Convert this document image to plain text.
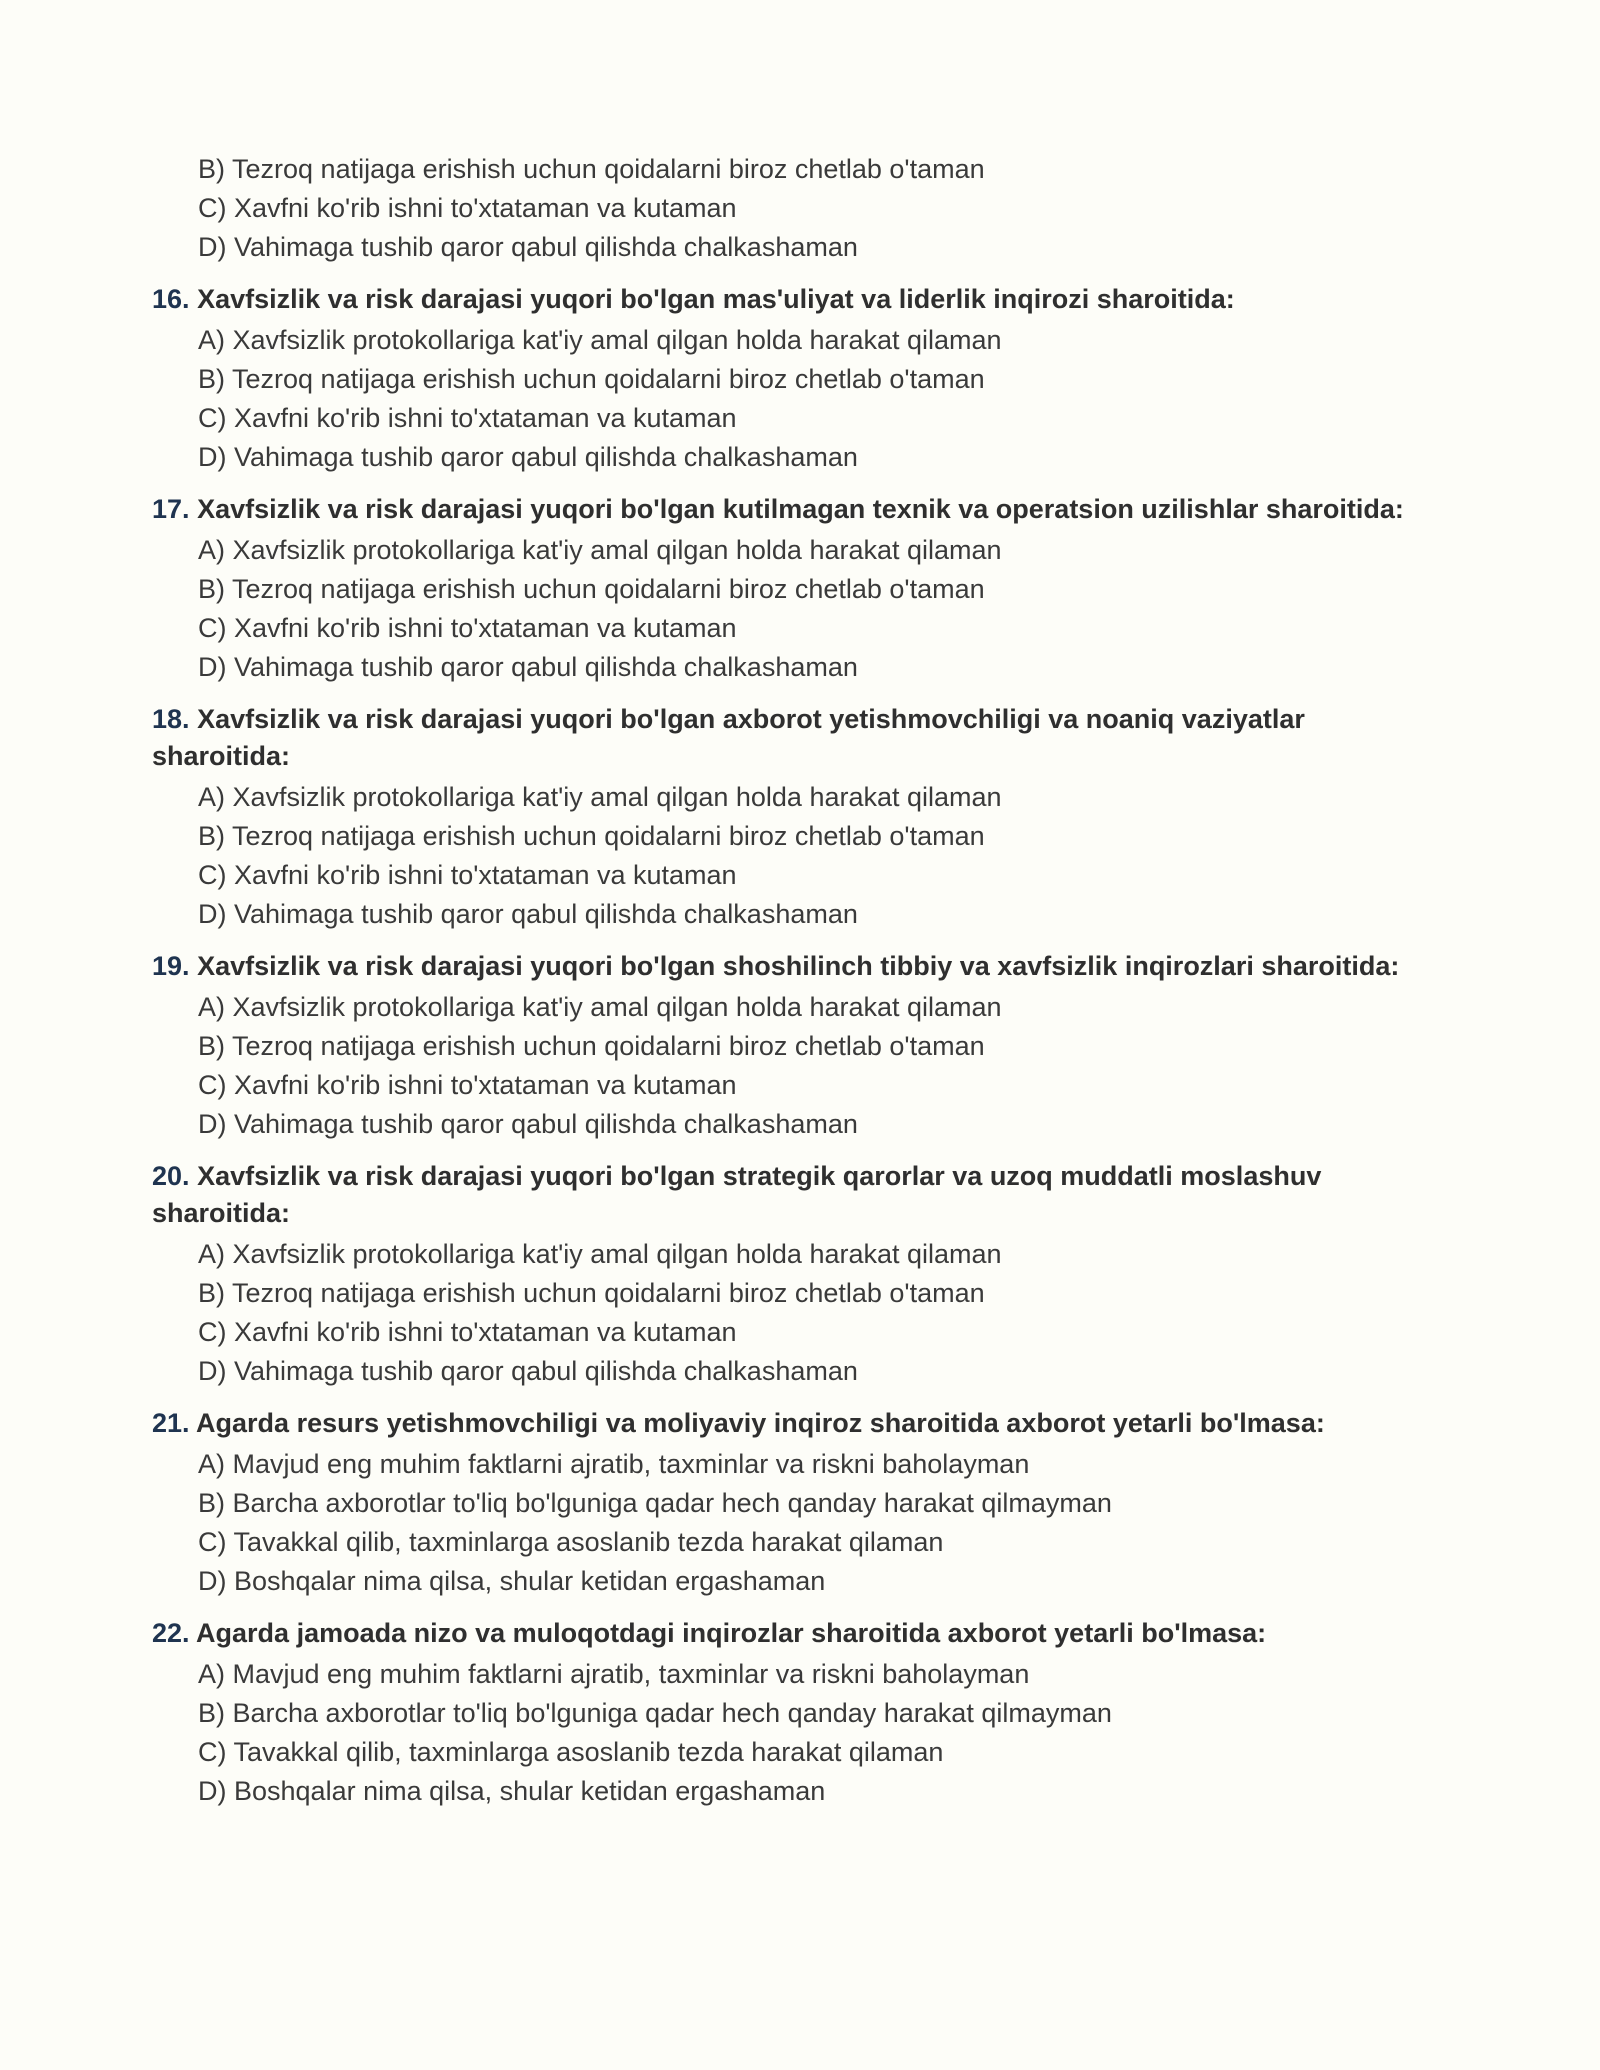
B) Tezroq natijaga erishish uchun qoidalarni biroz chetlab o'taman
C) Xavfni ko'rib ishni to'xtataman va kutaman
D) Vahimaga tushib qaror qabul qilishda chalkashaman
16. Xavfsizlik va risk darajasi yuqori bo'lgan mas'uliyat va liderlik inqirozi sharoitida:
A) Xavfsizlik protokollariga kat'iy amal qilgan holda harakat qilaman
B) Tezroq natijaga erishish uchun qoidalarni biroz chetlab o'taman
C) Xavfni ko'rib ishni to'xtataman va kutaman
D) Vahimaga tushib qaror qabul qilishda chalkashaman
17. Xavfsizlik va risk darajasi yuqori bo'lgan kutilmagan texnik va operatsion uzilishlar sharoitida:
A) Xavfsizlik protokollariga kat'iy amal qilgan holda harakat qilaman
B) Tezroq natijaga erishish uchun qoidalarni biroz chetlab o'taman
C) Xavfni ko'rib ishni to'xtataman va kutaman
D) Vahimaga tushib qaror qabul qilishda chalkashaman
18. Xavfsizlik va risk darajasi yuqori bo'lgan axborot yetishmovchiligi va noaniq vaziyatlar sharoitida:
A) Xavfsizlik protokollariga kat'iy amal qilgan holda harakat qilaman
B) Tezroq natijaga erishish uchun qoidalarni biroz chetlab o'taman
C) Xavfni ko'rib ishni to'xtataman va kutaman
D) Vahimaga tushib qaror qabul qilishda chalkashaman
19. Xavfsizlik va risk darajasi yuqori bo'lgan shoshilinch tibbiy va xavfsizlik inqirozlari sharoitida:
A) Xavfsizlik protokollariga kat'iy amal qilgan holda harakat qilaman
B) Tezroq natijaga erishish uchun qoidalarni biroz chetlab o'taman
C) Xavfni ko'rib ishni to'xtataman va kutaman
D) Vahimaga tushib qaror qabul qilishda chalkashaman
20. Xavfsizlik va risk darajasi yuqori bo'lgan strategik qarorlar va uzoq muddatli moslashuv sharoitida:
A) Xavfsizlik protokollariga kat'iy amal qilgan holda harakat qilaman
B) Tezroq natijaga erishish uchun qoidalarni biroz chetlab o'taman
C) Xavfni ko'rib ishni to'xtataman va kutaman
D) Vahimaga tushib qaror qabul qilishda chalkashaman
21. Agarda resurs yetishmovchiligi va moliyaviy inqiroz sharoitida axborot yetarli bo'lmasa:
A) Mavjud eng muhim faktlarni ajratib, taxminlar va riskni baholayman
B) Barcha axborotlar to'liq bo'lguniga qadar hech qanday harakat qilmayman
C) Tavakkal qilib, taxminlarga asoslanib tezda harakat qilaman
D) Boshqalar nima qilsa, shular ketidan ergashaman
22. Agarda jamoada nizo va muloqotdagi inqirozlar sharoitida axborot yetarli bo'lmasa:
A) Mavjud eng muhim faktlarni ajratib, taxminlar va riskni baholayman
B) Barcha axborotlar to'liq bo'lguniga qadar hech qanday harakat qilmayman
C) Tavakkal qilib, taxminlarga asoslanib tezda harakat qilaman
D) Boshqalar nima qilsa, shular ketidan ergashaman
